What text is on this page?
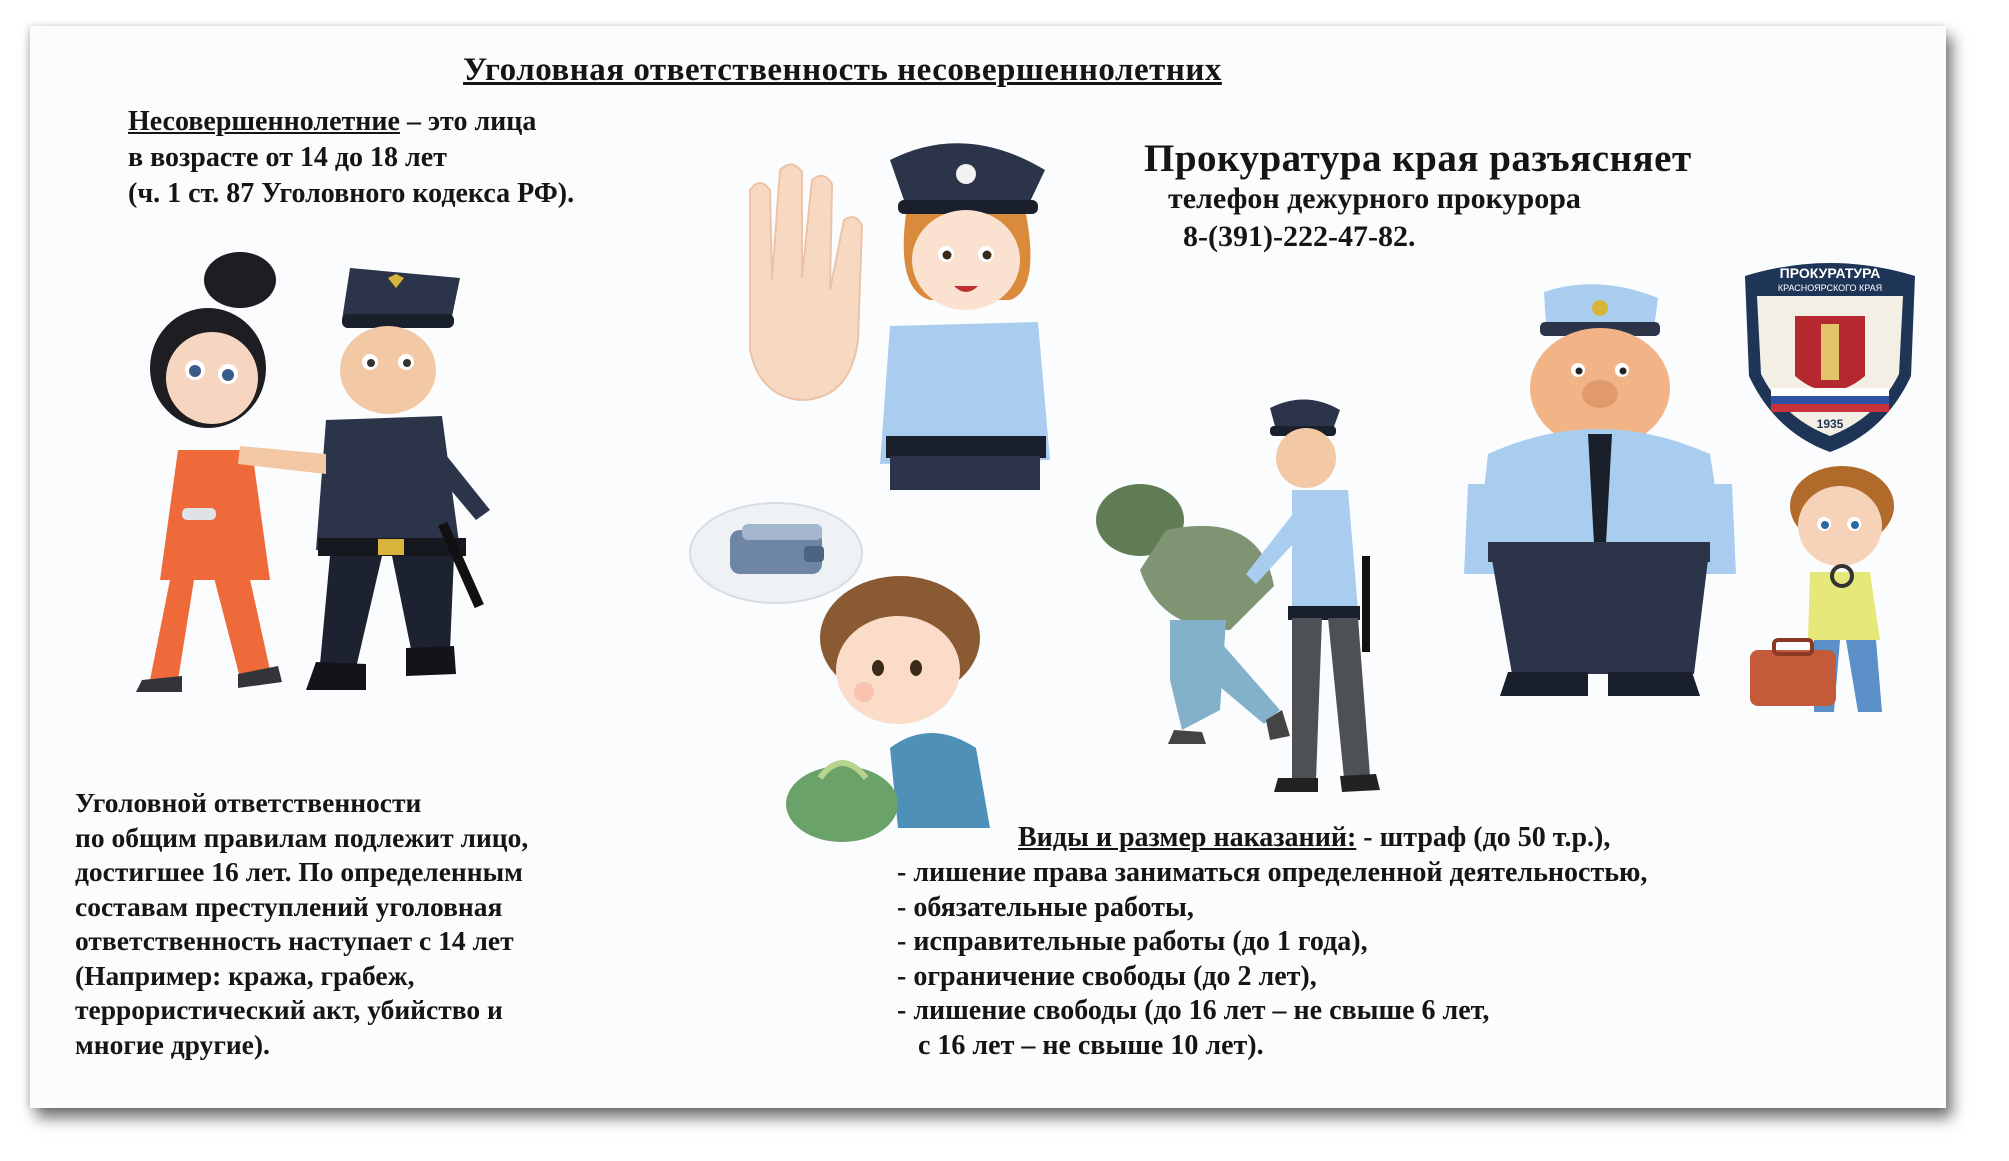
Уголовная ответственность несовершеннолетних
Несовершеннолетние – это лица
в возрасте от 14 до 18 лет
(ч. 1 ст. 87 Уголовного кодекса РФ).
Прокуратура края разъясняет
телефон дежурного прокурора
8-(391)-222-47-82.
Уголовной ответственности
по общим правилам подлежит лицо,
достигшее 16 лет. По определенным
составам преступлений уголовная
ответственность наступает с 14 лет
(Например: кража, грабеж,
террористический акт, убийство и
многие другие).
Виды и размер наказаний: - штраф (до 50 т.р.),
- лишение права заниматься определенной деятельностью,
- обязательные работы,
- исправительные работы (до 1 года),
- ограничение свободы (до 2 лет),
- лишение свободы (до 16 лет – не свыше 6 лет,
с 16 лет – не свыше 10 лет).
ПРОКУРАТУРА
КРАСНОЯРСКОГО КРАЯ
1935
